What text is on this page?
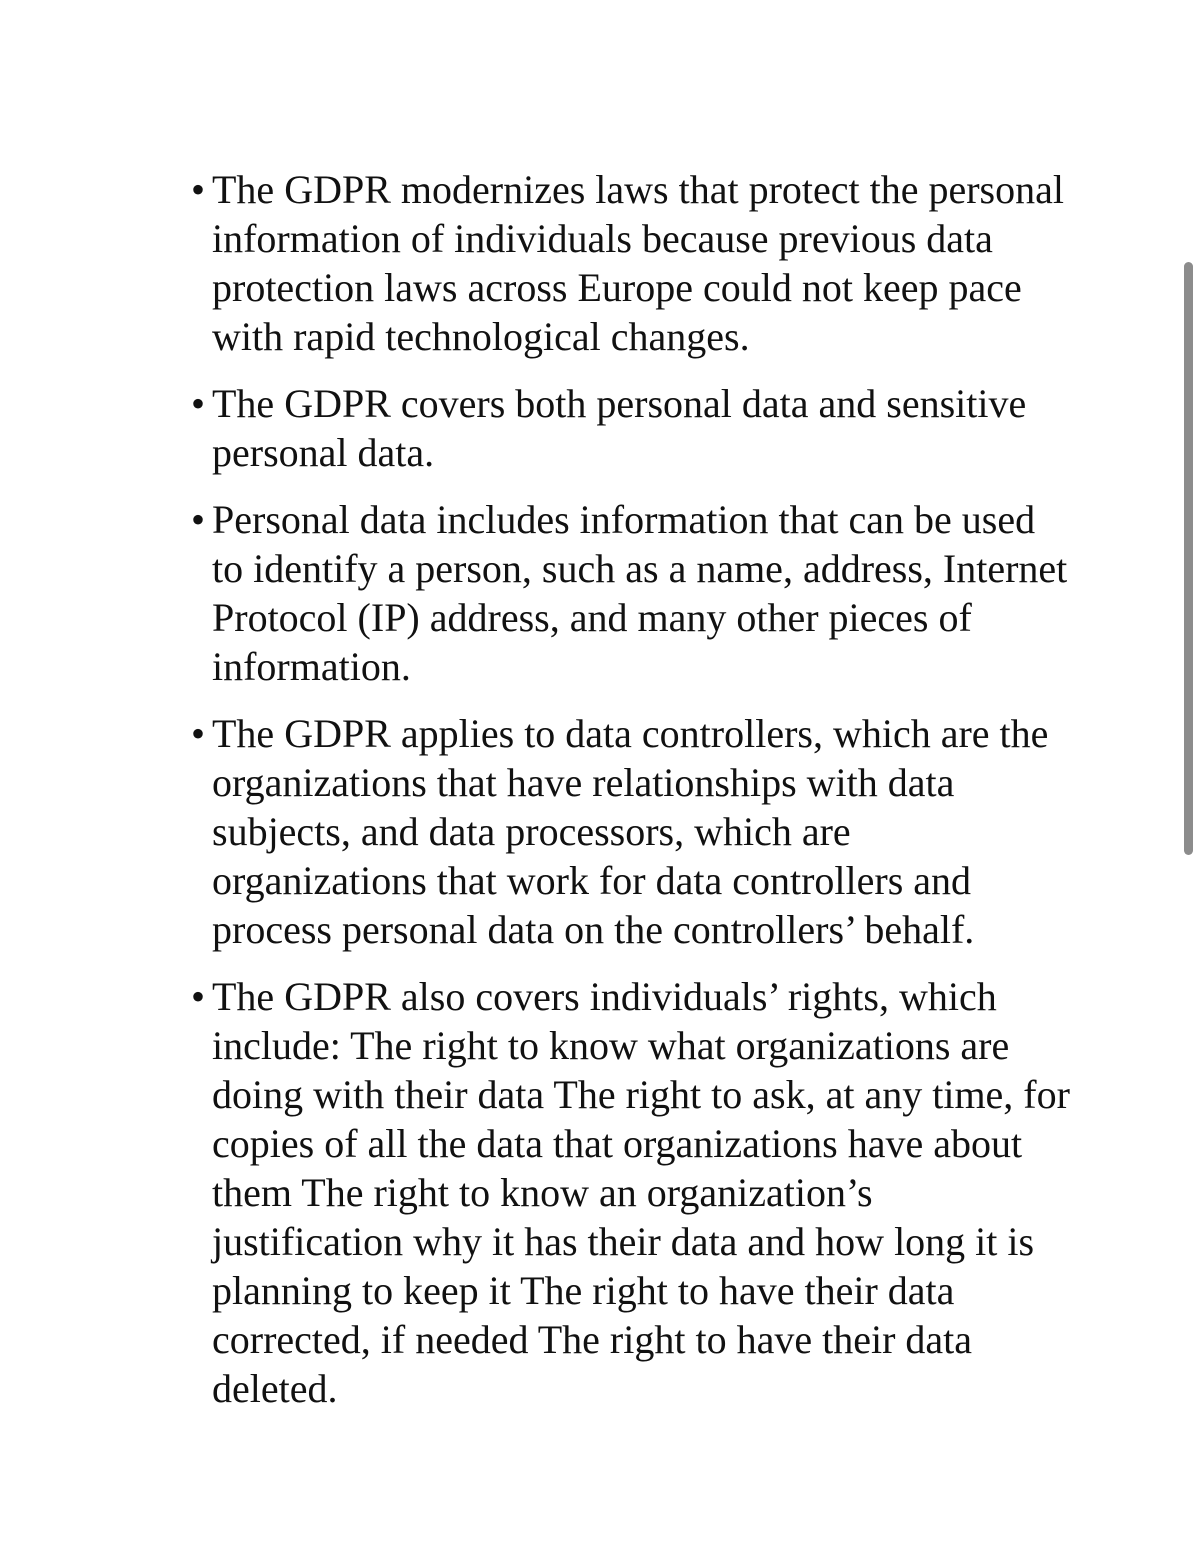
• The GDPR modernizes laws that protect the personal information of individuals because previous data protection laws across Europe could not keep pace with rapid technological changes.
• The GDPR covers both personal data and sensitive personal data.
• Personal data includes information that can be used to identify a person, such as a name, address, Internet Protocol (IP) address, and many other pieces of information.
• The GDPR applies to data controllers, which are the organizations that have relationships with data subjects, and data processors, which are organizations that work for data controllers and process personal data on the controllers’ behalf.
• The GDPR also covers individuals’ rights, which include: The right to know what organizations are doing with their data The right to ask, at any time, for copies of all the data that organizations have about them The right to know an organization’s justification why it has their data and how long it is planning to keep it The right to have their data corrected, if needed The right to have their data deleted.
